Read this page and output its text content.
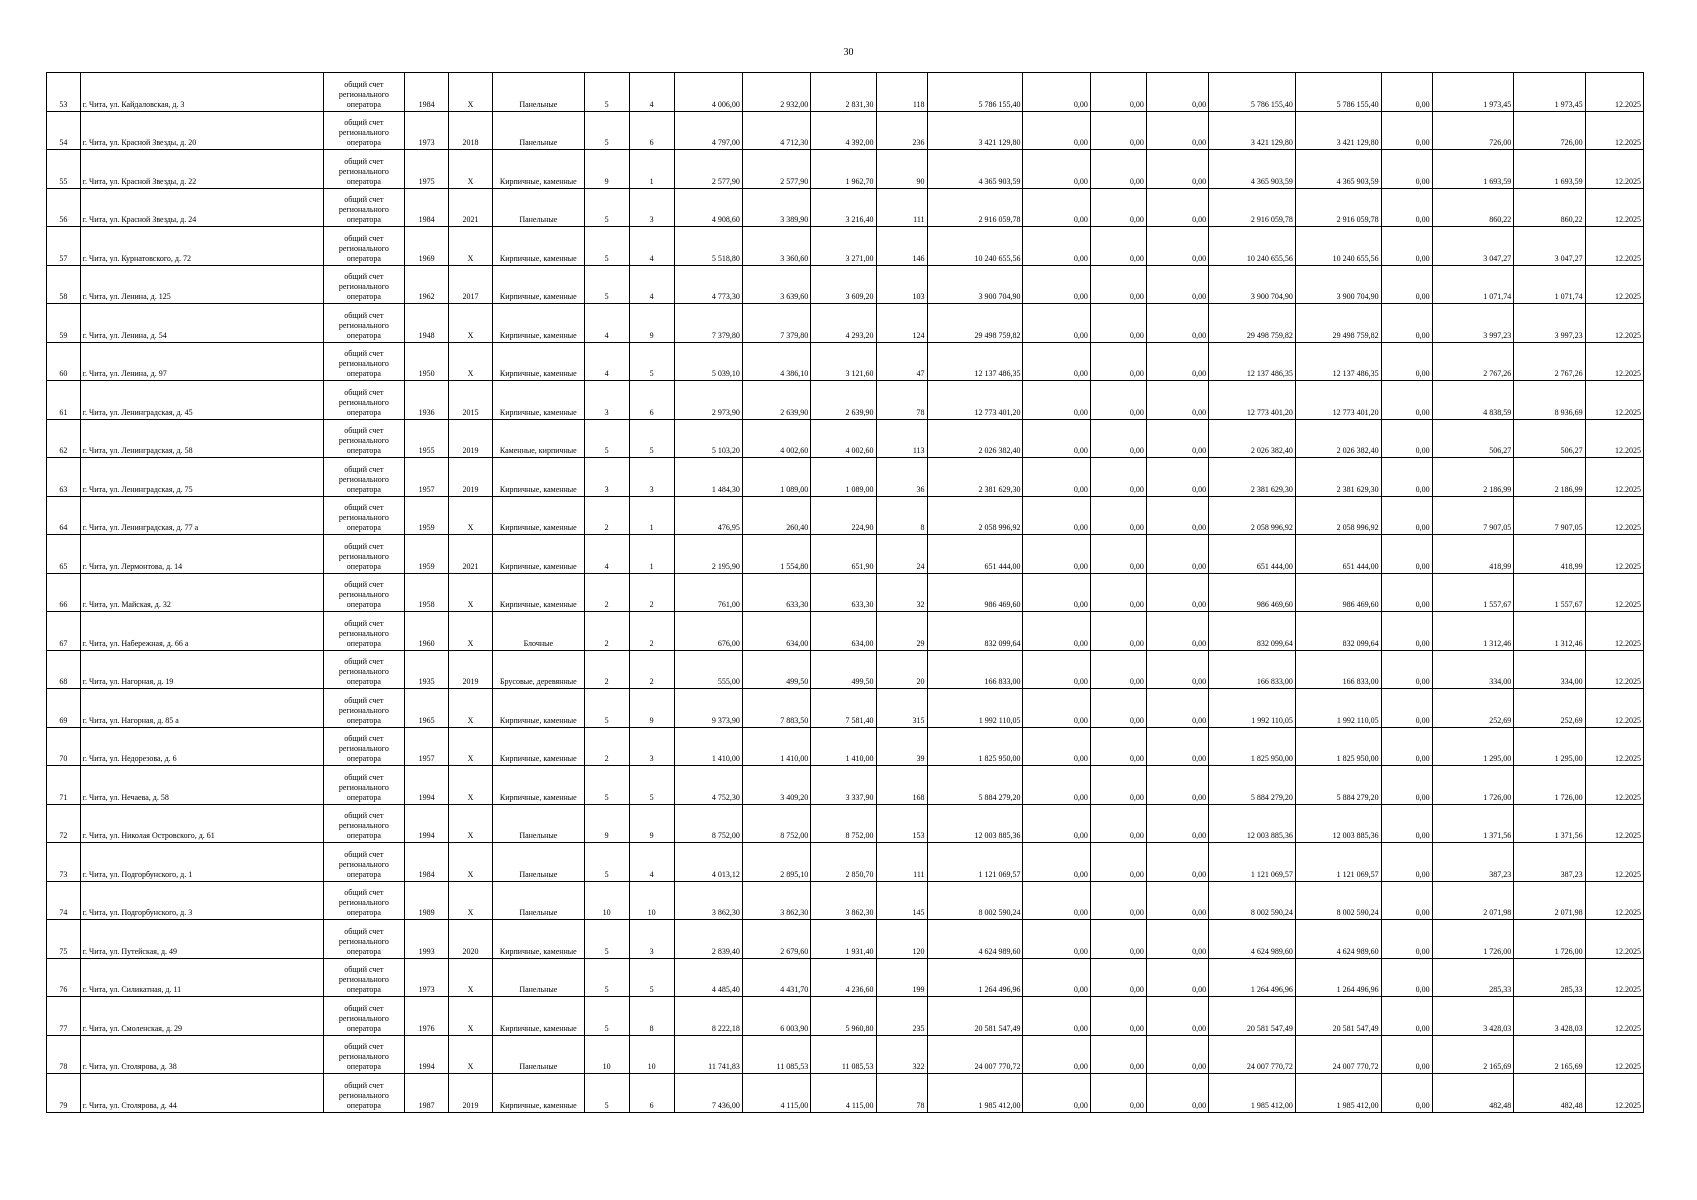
30
53	г. Чита, ул. Кайдаловская, д. 3	общий счет регионального оператора	1984	X	Панельные	5	4	4 006,00	2 932,00	2 831,30	118	5 786 155,40	0,00	0,00	0,00	5 786 155,40	5 786 155,40	0,00	1 973,45	1 973,45	12.2025
54	г. Чита, ул. Красной Звезды, д. 20	общий счет регионального оператора	1973	2018	Панельные	5	6	4 797,00	4 712,30	4 392,00	236	3 421 129,80	0,00	0,00	0,00	3 421 129,80	3 421 129,80	0,00	726,00	726,00	12.2025
55	г. Чита, ул. Красной Звезды, д. 22	общий счет регионального оператора	1975	X	Кирпичные, каменные	9	1	2 577,90	2 577,90	1 962,70	90	4 365 903,59	0,00	0,00	0,00	4 365 903,59	4 365 903,59	0,00	1 693,59	1 693,59	12.2025
56	г. Чита, ул. Красной Звезды, д. 24	общий счет регионального оператора	1984	2021	Панельные	5	3	4 908,60	3 389,90	3 216,40	111	2 916 059,78	0,00	0,00	0,00	2 916 059,78	2 916 059,78	0,00	860,22	860,22	12.2025
57	г. Чита, ул. Курнатовского, д. 72	общий счет регионального оператора	1969	X	Кирпичные, каменные	5	4	5 518,80	3 360,60	3 271,00	146	10 240 655,56	0,00	0,00	0,00	10 240 655,56	10 240 655,56	0,00	3 047,27	3 047,27	12.2025
58	г. Чита, ул. Ленина, д. 125	общий счет регионального оператора	1962	2017	Кирпичные, каменные	5	4	4 773,30	3 639,60	3 609,20	103	3 900 704,90	0,00	0,00	0,00	3 900 704,90	3 900 704,90	0,00	1 071,74	1 071,74	12.2025
59	г. Чита, ул. Ленина, д. 54	общий счет регионального оператора	1948	X	Кирпичные, каменные	4	9	7 379,80	7 379,80	4 293,20	124	29 498 759,82	0,00	0,00	0,00	29 498 759,82	29 498 759,82	0,00	3 997,23	3 997,23	12.2025
60	г. Чита, ул. Ленина, д. 97	общий счет регионального оператора	1950	X	Кирпичные, каменные	4	5	5 039,10	4 386,10	3 121,60	47	12 137 486,35	0,00	0,00	0,00	12 137 486,35	12 137 486,35	0,00	2 767,26	2 767,26	12.2025
61	г. Чита, ул. Ленинградская, д. 45	общий счет регионального оператора	1936	2015	Кирпичные, каменные	3	6	2 973,90	2 639,90	2 639,90	78	12 773 401,20	0,00	0,00	0,00	12 773 401,20	12 773 401,20	0,00	4 838,59	8 936,69	12.2025
62	г. Чита, ул. Ленинградская, д. 58	общий счет регионального оператора	1955	2019	Каменные, кирпичные	5	5	5 103,20	4 002,60	4 002,60	113	2 026 382,40	0,00	0,00	0,00	2 026 382,40	2 026 382,40	0,00	506,27	506,27	12.2025
63	г. Чита, ул. Ленинградская, д. 75	общий счет регионального оператора	1957	2019	Кирпичные, каменные	3	3	1 484,30	1 089,00	1 089,00	36	2 381 629,30	0,00	0,00	0,00	2 381 629,30	2 381 629,30	0,00	2 186,99	2 186,99	12.2025
64	г. Чита, ул. Ленинградская, д. 77 а	общий счет регионального оператора	1959	X	Кирпичные, каменные	2	1	476,95	260,40	224,90	8	2 058 996,92	0,00	0,00	0,00	2 058 996,92	2 058 996,92	0,00	7 907,05	7 907,05	12.2025
65	г. Чита, ул. Лермонтова, д. 14	общий счет регионального оператора	1959	2021	Кирпичные, каменные	4	1	2 195,90	1 554,80	651,90	24	651 444,00	0,00	0,00	0,00	651 444,00	651 444,00	0,00	418,99	418,99	12.2025
66	г. Чита, ул. Майская, д. 32	общий счет регионального оператора	1958	X	Кирпичные, каменные	2	2	761,00	633,30	633,30	32	986 469,60	0,00	0,00	0,00	986 469,60	986 469,60	0,00	1 557,67	1 557,67	12.2025
67	г. Чита, ул. Набережная, д. 66 а	общий счет регионального оператора	1960	X	Блочные	2	2	676,00	634,00	634,00	29	832 099,64	0,00	0,00	0,00	832 099,64	832 099,64	0,00	1 312,46	1 312,46	12.2025
68	г. Чита, ул. Нагорная, д. 19	общий счет регионального оператора	1935	2019	Брусовые, деревянные	2	2	555,00	499,50	499,50	20	166 833,00	0,00	0,00	0,00	166 833,00	166 833,00	0,00	334,00	334,00	12.2025
69	г. Чита, ул. Нагорная, д. 85 а	общий счет регионального оператора	1965	X	Кирпичные, каменные	5	9	9 373,90	7 883,50	7 581,40	315	1 992 110,05	0,00	0,00	0,00	1 992 110,05	1 992 110,05	0,00	252,69	252,69	12.2025
70	г. Чита, ул. Недорезова, д. 6	общий счет регионального оператора	1957	X	Кирпичные, каменные	2	3	1 410,00	1 410,00	1 410,00	39	1 825 950,00	0,00	0,00	0,00	1 825 950,00	1 825 950,00	0,00	1 295,00	1 295,00	12.2025
71	г. Чита, ул. Нечаева, д. 58	общий счет регионального оператора	1994	X	Кирпичные, каменные	5	5	4 752,30	3 409,20	3 337,90	168	5 884 279,20	0,00	0,00	0,00	5 884 279,20	5 884 279,20	0,00	1 726,00	1 726,00	12.2025
72	г. Чита, ул. Николая Островского, д. 61	общий счет регионального оператора	1994	X	Панельные	9	9	8 752,00	8 752,00	8 752,00	153	12 003 885,36	0,00	0,00	0,00	12 003 885,36	12 003 885,36	0,00	1 371,56	1 371,56	12.2025
73	г. Чита, ул. Подгорбунского, д. 1	общий счет регионального оператора	1984	X	Панельные	5	4	4 013,12	2 895,10	2 850,70	111	1 121 069,57	0,00	0,00	0,00	1 121 069,57	1 121 069,57	0,00	387,23	387,23	12.2025
74	г. Чита, ул. Подгорбунского, д. 3	общий счет регионального оператора	1989	X	Панельные	10	10	3 862,30	3 862,30	3 862,30	145	8 002 590,24	0,00	0,00	0,00	8 002 590,24	8 002 590,24	0,00	2 071,98	2 071,98	12.2025
75	г. Чита, ул. Путейская, д. 49	общий счет регионального оператора	1993	2020	Кирпичные, каменные	5	3	2 839,40	2 679,60	1 931,40	120	4 624 989,60	0,00	0,00	0,00	4 624 989,60	4 624 989,60	0,00	1 726,00	1 726,00	12.2025
76	г. Чита, ул. Силикатная, д. 11	общий счет регионального оператора	1973	X	Панельные	5	5	4 485,40	4 431,70	4 236,60	199	1 264 496,96	0,00	0,00	0,00	1 264 496,96	1 264 496,96	0,00	285,33	285,33	12.2025
77	г. Чита, ул. Смоленская, д. 29	общий счет регионального оператора	1976	X	Кирпичные, каменные	5	8	8 222,18	6 003,90	5 960,80	235	20 581 547,49	0,00	0,00	0,00	20 581 547,49	20 581 547,49	0,00	3 428,03	3 428,03	12.2025
78	г. Чита, ул. Столярова, д. 38	общий счет регионального оператора	1994	X	Панельные	10	10	11 741,83	11 085,53	11 085,53	322	24 007 770,72	0,00	0,00	0,00	24 007 770,72	24 007 770,72	0,00	2 165,69	2 165,69	12.2025
79	г. Чита, ул. Столярова, д. 44	общий счет регионального оператора	1987	2019	Кирпичные, каменные	5	6	7 436,00	4 115,00	4 115,00	78	1 985 412,00	0,00	0,00	0,00	1 985 412,00	1 985 412,00	0,00	482,48	482,48	12.2025
